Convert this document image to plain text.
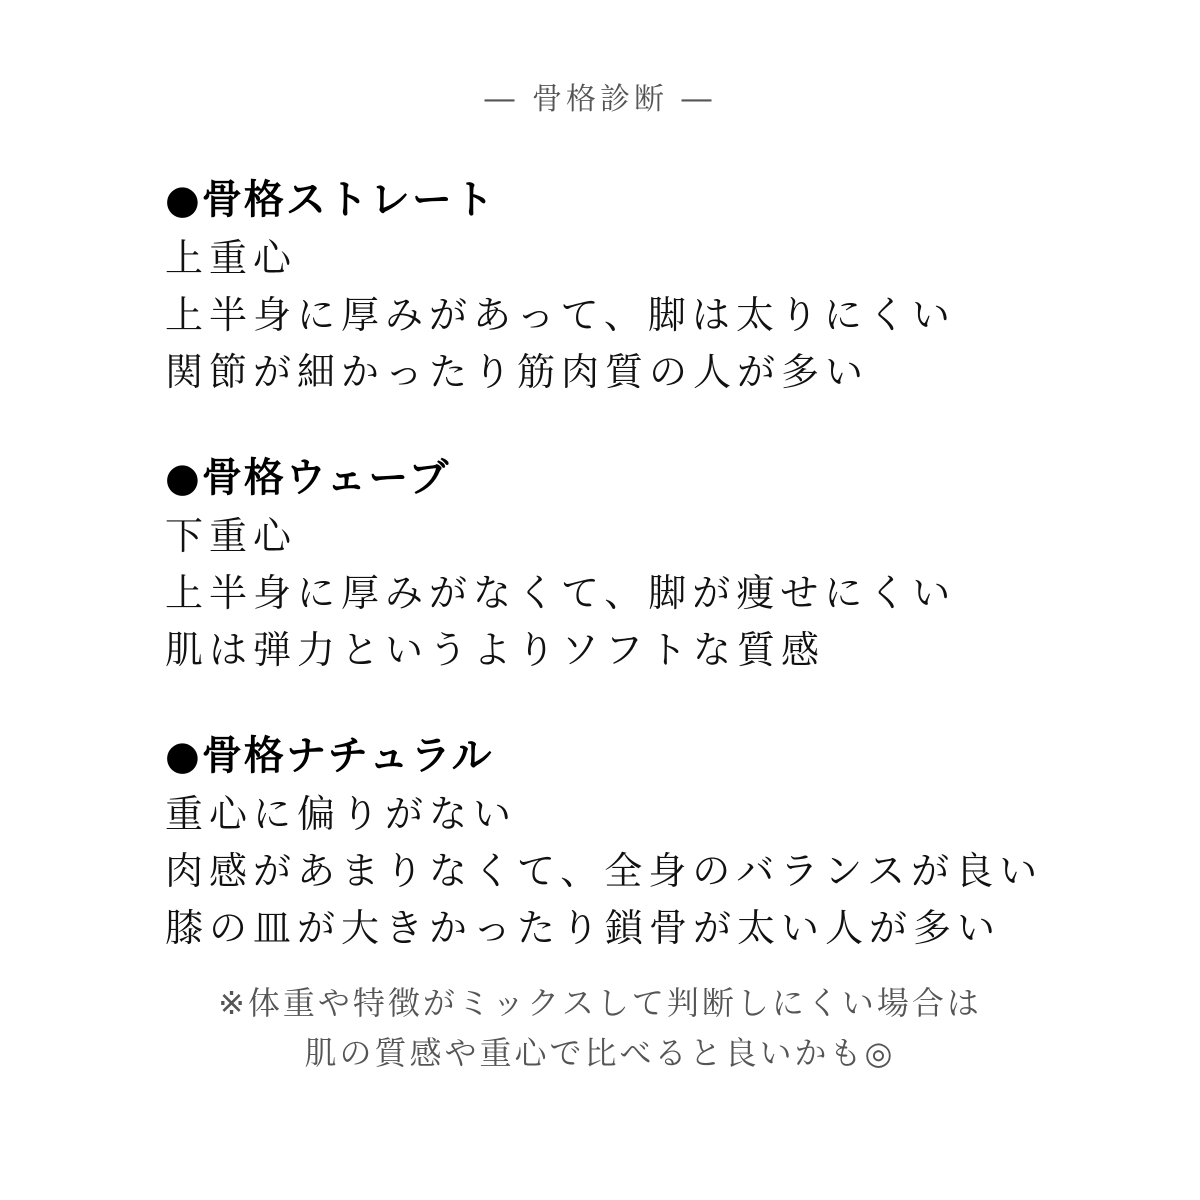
― 骨格診断 ―
●骨格ストレート
上重心
上半身に厚みがあって、脚は太りにくい
関節が細かったり筋肉質の人が多い
●骨格ウェーブ
下重心
上半身に厚みがなくて、脚が痩せにくい
肌は弾力というよりソフトな質感
●骨格ナチュラル
重心に偏りがない
肉感があまりなくて、全身のバランスが良い
膝の皿が大きかったり鎖骨が太い人が多い
※体重や特徴がミックスして判断しにくい場合は
肌の質感や重心で比べると良いかも◎
